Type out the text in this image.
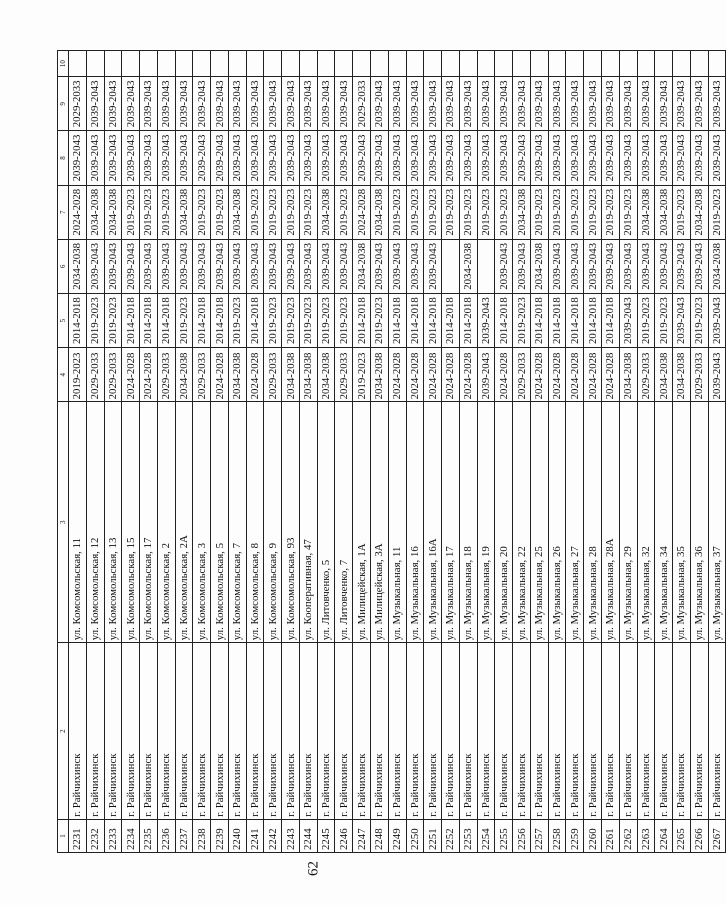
62
1	2	3	4	5	6	7	8	9	10
2231	г. Райчихинск	ул. Комсомольская, 11	2019-2023	2014-2018	2034-2038	2024-2028	2039-2043	2029-2033	
2232	г. Райчихинск	ул. Комсомольская, 12	2029-2033	2019-2023	2039-2043	2034-2038	2039-2043	2039-2043	
2233	г. Райчихинск	ул. Комсомольская, 13	2029-2033	2019-2023	2039-2043	2034-2038	2039-2043	2039-2043	
2234	г. Райчихинск	ул. Комсомольская, 15	2024-2028	2014-2018	2039-2043	2019-2023	2039-2043	2039-2043	
2235	г. Райчихинск	ул. Комсомольская, 17	2024-2028	2014-2018	2039-2043	2019-2023	2039-2043	2039-2043	
2236	г. Райчихинск	ул. Комсомольская, 2	2029-2033	2014-2018	2039-2043	2019-2023	2039-2043	2039-2043	
2237	г. Райчихинск	ул. Комсомольская, 2А	2034-2038	2019-2023	2039-2043	2034-2038	2039-2043	2039-2043	
2238	г. Райчихинск	ул. Комсомольская, 3	2029-2033	2014-2018	2039-2043	2019-2023	2039-2043	2039-2043	
2239	г. Райчихинск	ул. Комсомольская, 5	2024-2028	2014-2018	2039-2043	2019-2023	2039-2043	2039-2043	
2240	г. Райчихинск	ул. Комсомольская, 7	2034-2038	2019-2023	2039-2043	2034-2038	2039-2043	2039-2043	
2241	г. Райчихинск	ул. Комсомольская, 8	2024-2028	2014-2018	2039-2043	2019-2023	2039-2043	2039-2043	
2242	г. Райчихинск	ул. Комсомольская, 9	2029-2033	2019-2023	2039-2043	2019-2023	2039-2043	2039-2043	
2243	г. Райчихинск	ул. Комсомольская, 93	2034-2038	2019-2023	2039-2043	2019-2023	2039-2043	2039-2043	
2244	г. Райчихинск	ул. Кооперативная, 47	2034-2038	2019-2023	2039-2043	2019-2023	2039-2043	2039-2043	
2245	г. Райчихинск	ул. Литовченко, 5	2034-2038	2019-2023	2039-2043	2034-2038	2039-2043	2039-2043	
2246	г. Райчихинск	ул. Литовченко, 7	2029-2033	2019-2023	2039-2043	2019-2023	2039-2043	2039-2043	
2247	г. Райчихинск	ул. Милицейская, 1А	2019-2023	2014-2018	2034-2038	2024-2028	2039-2043	2029-2033	
2248	г. Райчихинск	ул. Милицейская, 3А	2034-2038	2019-2023	2039-2043	2034-2038	2039-2043	2039-2043	
2249	г. Райчихинск	ул. Музыкальная, 11	2024-2028	2014-2018	2039-2043	2019-2023	2039-2043	2039-2043	
2250	г. Райчихинск	ул. Музыкальная, 16	2024-2028	2014-2018	2039-2043	2019-2023	2039-2043	2039-2043	
2251	г. Райчихинск	ул. Музыкальная, 16А	2024-2028	2014-2018	2039-2043	2019-2023	2039-2043	2039-2043	
2252	г. Райчихинск	ул. Музыкальная, 17	2024-2028	2014-2018		2019-2023	2039-2043	2039-2043	
2253	г. Райчихинск	ул. Музыкальная, 18	2024-2028	2014-2018	2034-2038	2019-2023	2039-2043	2039-2043	
2254	г. Райчихинск	ул. Музыкальная, 19	2039-2043	2039-2043		2019-2023	2039-2043	2039-2043	
2255	г. Райчихинск	ул. Музыкальная, 20	2024-2028	2014-2018	2039-2043	2019-2023	2039-2043	2039-2043	
2256	г. Райчихинск	ул. Музыкальная, 22	2029-2033	2019-2023	2039-2043	2034-2038	2039-2043	2039-2043	
2257	г. Райчихинск	ул. Музыкальная, 25	2024-2028	2014-2018	2034-2038	2019-2023	2039-2043	2039-2043	
2258	г. Райчихинск	ул. Музыкальная, 26	2024-2028	2014-2018	2039-2043	2019-2023	2039-2043	2039-2043	
2259	г. Райчихинск	ул. Музыкальная, 27	2024-2028	2014-2018	2039-2043	2019-2023	2039-2043	2039-2043	
2260	г. Райчихинск	ул. Музыкальная, 28	2024-2028	2014-2018	2039-2043	2019-2023	2039-2043	2039-2043	
2261	г. Райчихинск	ул. Музыкальная, 28А	2024-2028	2014-2018	2039-2043	2019-2023	2039-2043	2039-2043	
2262	г. Райчихинск	ул. Музыкальная, 29	2034-2038	2039-2043	2039-2043	2019-2023	2039-2043	2039-2043	
2263	г. Райчихинск	ул. Музыкальная, 32	2029-2033	2019-2023	2039-2043	2034-2038	2039-2043	2039-2043	
2264	г. Райчихинск	ул. Музыкальная, 34	2034-2038	2019-2023	2039-2043	2034-2038	2039-2043	2039-2043	
2265	г. Райчихинск	ул. Музыкальная, 35	2034-2038	2039-2043	2039-2043	2019-2023	2039-2043	2039-2043	
2266	г. Райчихинск	ул. Музыкальная, 36	2029-2033	2019-2023	2039-2043	2034-2038	2039-2043	2039-2043	
2267	г. Райчихинск	ул. Музыкальная, 37	2039-2043	2039-2043	2034-2038	2019-2023	2039-2043	2039-2043	
